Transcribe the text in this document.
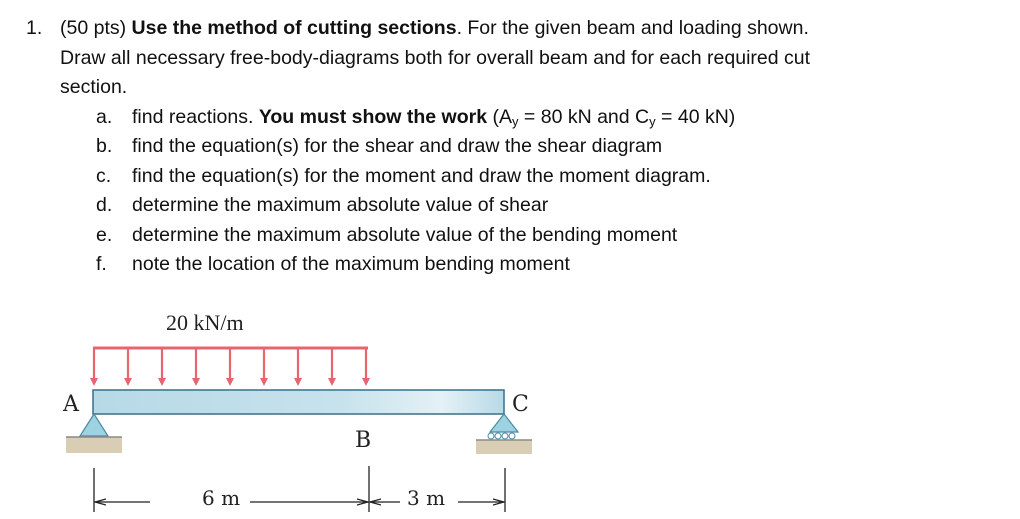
1. (50 pts) Use the method of cutting sections. For the given beam and loading shown.
Draw all necessary free-body-diagrams both for overall beam and for each required cut
section.
a. find reactions. You must show the work ($A_y = 80$ kN and $C_y = 40$ kN)
b. find the equation(s) for the shear and draw the shear diagram
c. find the equation(s) for the moment and draw the moment diagram.
d. determine the maximum absolute value of shear
e. determine the maximum absolute value of the bending moment
f. note the location of the maximum bending moment
20 kN/m
A
B
C
6 m	3 m
